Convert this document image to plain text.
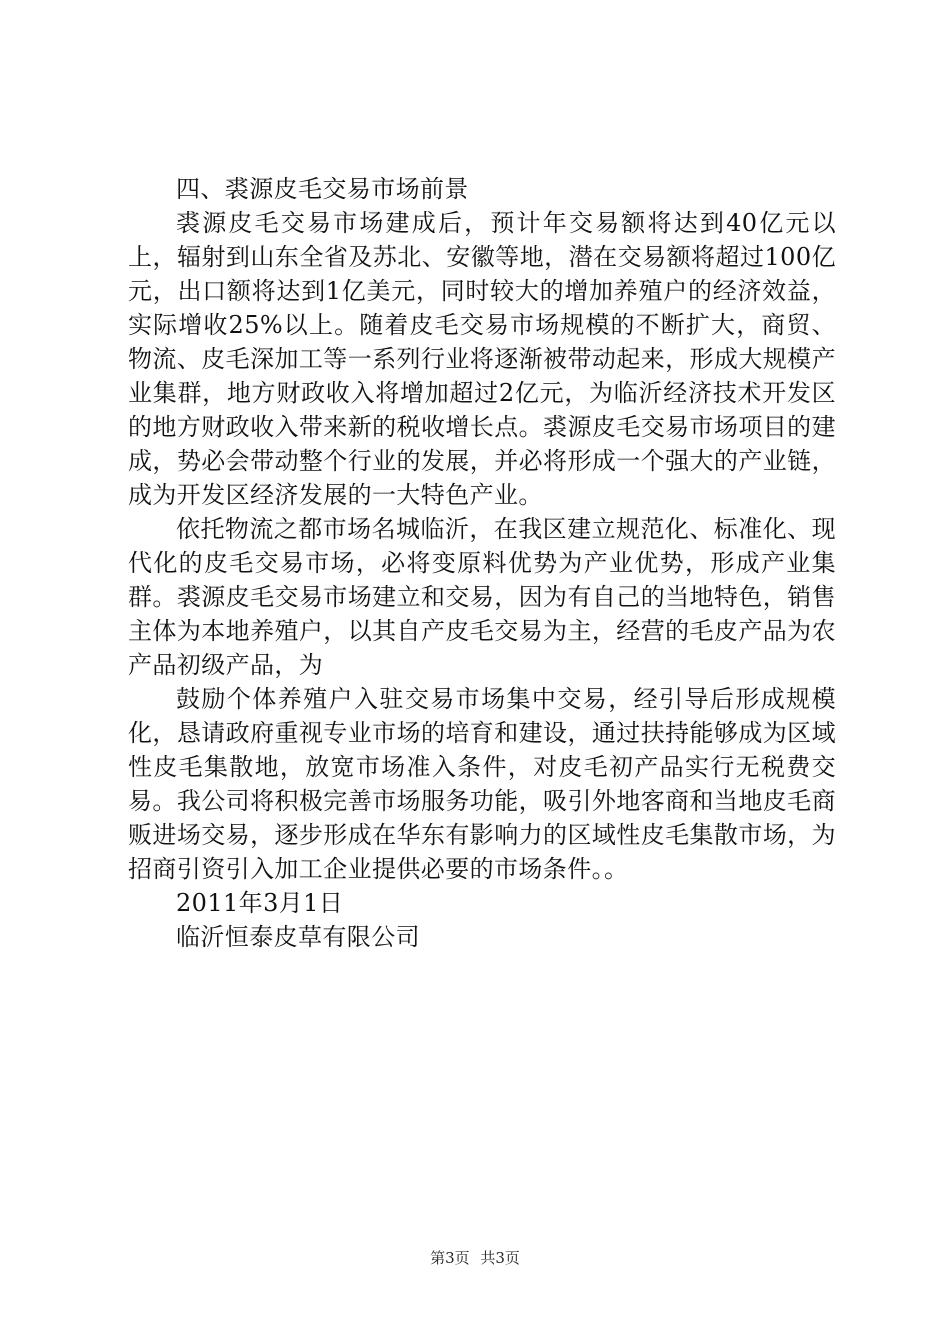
四、裘源皮毛交易市场前景

裘源皮毛交易市场建成后，预计年交易额将达到40亿元以上，辐射到山东全省及苏北、安徽等地，潜在交易额将超过100亿元，出口额将达到1亿美元，同时较大的增加养殖户的经济效益，实际增收25%以上。随着皮毛交易市场规模的不断扩大，商贸、物流、皮毛深加工等一系列行业将逐渐被带动起来，形成大规模产业集群，地方财政收入将增加超过2亿元，为临沂经济技术开发区的地方财政收入带来新的税收增长点。裘源皮毛交易市场项目的建成，势必会带动整个行业的发展，并必将形成一个强大的产业链，成为开发区经济发展的一大特色产业。

依托物流之都市场名城临沂，在我区建立规范化、标准化、现代化的皮毛交易市场，必将变原料优势为产业优势，形成产业集群。裘源皮毛交易市场建立和交易，因为有自己的当地特色，销售主体为本地养殖户，以其自产皮毛交易为主，经营的毛皮产品为农产品初级产品，为

鼓励个体养殖户入驻交易市场集中交易，经引导后形成规模化，恳请政府重视专业市场的培育和建设，通过扶持能够成为区域性皮毛集散地，放宽市场准入条件，对皮毛初产品实行无税费交易。我公司将积极完善市场服务功能，吸引外地客商和当地皮毛商贩进场交易，逐步形成在华东有影响力的区域性皮毛集散市场，为招商引资引入加工企业提供必要的市场条件。。

2011年3月1日

临沂恒泰皮草有限公司

第3页 共3页
